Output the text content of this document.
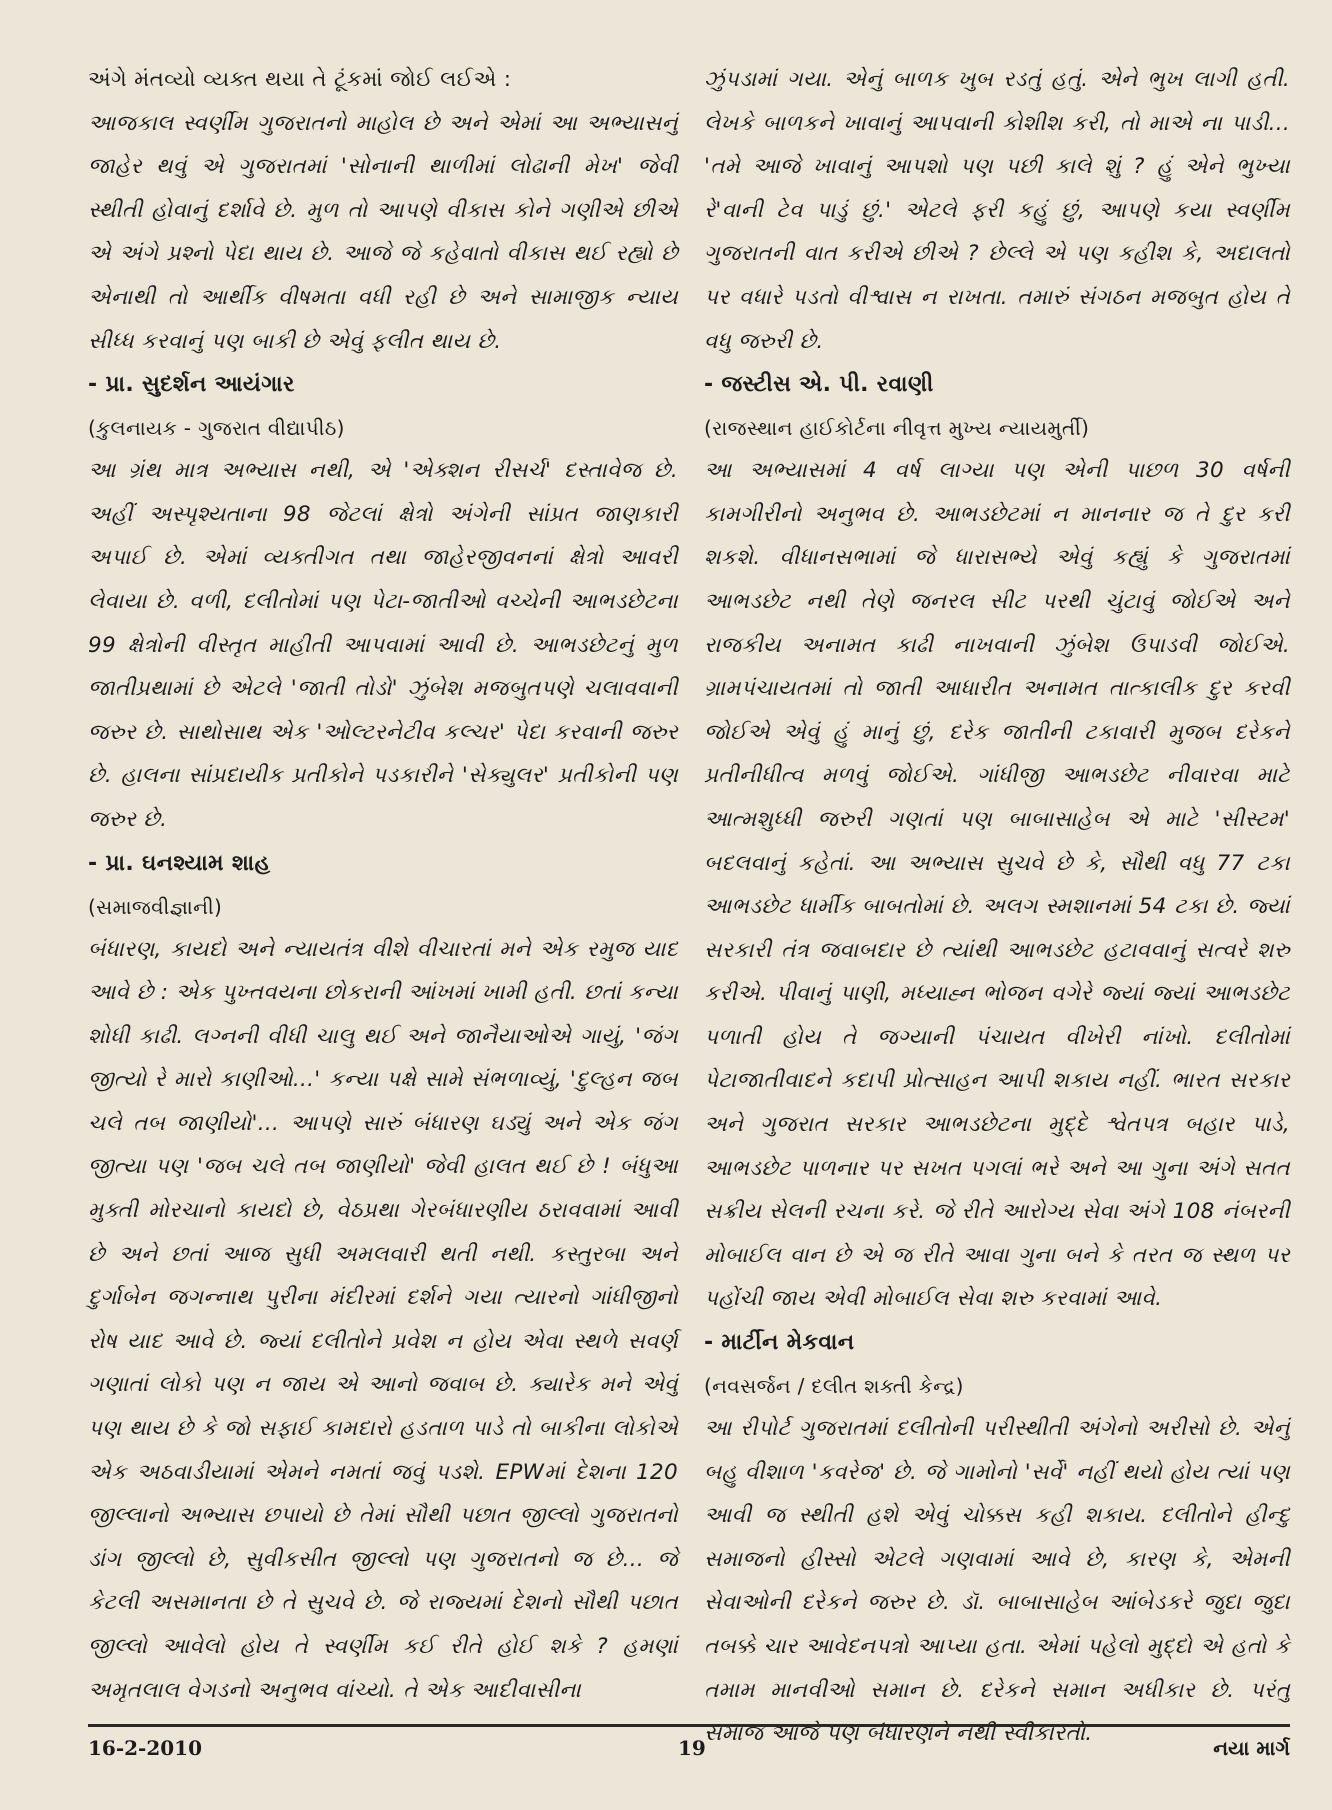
અંગે મંતવ્યો વ્યક્ત થયા તે ટૂંકમાં જોઈ લઈએ :

આજકાલ સ્વર્ણીમ ગુજરાતનો માહોલ છે અને એમાં આ અભ્યાસનું જાહેર થવું એ ગુજરાતમાં 'સોનાની થાળીમાં લોઢાની મેખ' જેવી સ્થીતી હોવાનું દર્શાવે છે. મુળ તો આપણે વીકાસ કોને ગણીએ છીએ એ અંગે પ્રશ્નો પેદા થાય છે. આજે જે કહેવાતો વીકાસ થઈ રહ્યો છે એનાથી તો આર્થીક વીષમતા વધી રહી છે અને સામાજીક ન્યાય સીધ્ધ કરવાનું પણ બાકી છે એવું ફલીત થાય છે.

- પ્રા. સુદર્શન આયંગાર

(કુલનાયક - ગુજરાત વીદ્યાપીઠ)

આ ગ્રંથ માત્ર અભ્યાસ નથી, એ 'એક્શન રીસર્ચ' દસ્તાવેજ છે. અહીં અસ્પૃશ્યતાના 98 જેટલાં ક્ષેત્રો અંગેની સાંપ્રત જાણકારી અપાઈ છે. એમાં વ્યક્તીગત તથા જાહેરજીવનનાં ક્ષેત્રો આવરી લેવાયા છે. વળી, દલીતોમાં પણ પેટા-જાતીઓ વચ્ચેની આભડછેટના 99 ક્ષેત્રોની વીસ્તૃત માહીતી આપવામાં આવી છે. આભડછેટનું મુળ જાતીપ્રથામાં છે એટલે 'જાતી તોડો' ઝુંબેશ મજબુતપણે ચલાવવાની જરુર છે. સાથોસાથ એક 'ઓલ્ટરનેટીવ કલ્ચર' પેદા કરવાની જરુર છે. હાલના સાંપ્રદાયીક પ્રતીકોને પડકારીને 'સેક્યુલર' પ્રતીકોની પણ જરુર છે.

- પ્રા. ઘનશ્યામ શાહ

(સમાજવીજ્ઞાની)

બંધારણ, કાયદો અને ન્યાયતંત્ર વીશે વીચારતાં મને એક રમુજ યાદ આવે છે : એક પુખ્તવયના છોકરાની આંખમાં ખામી હતી. છતાં કન્યા શોધી કાઢી. લગ્નની વીધી ચાલુ થઈ અને જાનૈયાઓએ ગાયું, 'જંગ જીત્યો રે મારો કાણીઓ...' કન્યા પક્ષે સામે સંભળાવ્યું, 'દુલ્હન જબ ચલે તબ જાણીયો'... આપણે સારું બંધારણ ઘડ્યું અને એક જંગ જીત્યા પણ 'જબ ચલે તબ જાણીયો' જેવી હાલત થઈ છે ! બંધુઆ મુક્તી મોરચાનો કાયદો છે, વેઠપ્રથા ગેરબંધારણીય ઠરાવવામાં આવી છે અને છતાં આજ સુધી અમલવારી થતી નથી. કસ્તુરબા અને દુર્ગાબેન જગન્નાથ પુરીના મંદીરમાં દર્શને ગયા ત્યારનો ગાંધીજીનો રોષ યાદ આવે છે. જ્યાં દલીતોને પ્રવેશ ન હોય એવા સ્થળે સવર્ણ ગણાતાં લોકો પણ ન જાય એ આનો જવાબ છે. ક્યારેક મને એવું પણ થાય છે કે જો સફાઈ કામદારો હડતાળ પાડે તો બાકીના લોકોએ એક અઠવાડીયામાં એમને નમતાં જવું પડશે. EPWમાં દેશના 120 જીલ્લાનો અભ્યાસ છપાયો છે તેમાં સૌથી પછાત જીલ્લો ગુજરાતનો ડાંગ જીલ્લો છે, સુવીકસીત જીલ્લો પણ ગુજરાતનો જ છે... જે કેટલી અસમાનતા છે તે સુચવે છે. જે રાજ્યમાં દેશનો સૌથી પછાત જીલ્લો આવેલો હોય તે સ્વર્ણીમ કઈ રીતે હોઈ શકે ? હમણાં અમૃતલાલ વેગડનો અનુભવ વાંચ્યો. તે એક આદીવાસીના

ઝુંપડામાં ગયા. એનું બાળક ખુબ રડતું હતું. એને ભુખ લાગી હતી. લેખકે બાળકને ખાવાનું આપવાની કોશીશ કરી, તો માએ ના પાડી... 'તમે આજે ખાવાનું આપશો પણ પછી કાલે શું ? હું એને ભુખ્યા રે'વાની ટેવ પાડું છું.' એટલે ફરી કહું છું, આપણે કયા સ્વર્ણીમ ગુજરાતની વાત કરીએ છીએ ? છેલ્લે એ પણ કહીશ કે, અદાલતો પર વધારે પડતો વીશ્વાસ ન રાખતા. તમારું સંગઠન મજબુત હોય તે વધુ જરુરી છે.

- જસ્ટીસ એ. પી. રવાણી

(રાજસ્થાન હાઈકોર્ટના નીવૃત્ત મુખ્ય ન્યાયમુર્તી)

આ અભ્યાસમાં 4 વર્ષ લાગ્યા પણ એની પાછળ 30 વર્ષની કામગીરીનો અનુભવ છે. આભડછેટમાં ન માનનાર જ તે દુર કરી શકશે. વીધાનસભામાં જે ધારાસભ્યે એવું કહ્યું કે ગુજરાતમાં આભડછેટ નથી તેણે જનરલ સીટ પરથી ચુંટાવું જોઈએ અને રાજકીય અનામત કાઢી નાખવાની ઝુંબેશ ઉપાડવી જોઈએ. ગ્રામપંચાયતમાં તો જાતી આધારીત અનામત તાત્કાલીક દુર કરવી જોઈએ એવું હું માનું છું, દરેક જાતીની ટકાવારી મુજબ દરેકને પ્રતીનીધીત્વ મળવું જોઈએ. ગાંધીજી આભડછેટ નીવારવા માટે આત્મશુધ્ધી જરુરી ગણતાં પણ બાબાસાહેબ એ માટે 'સીસ્ટમ' બદલવાનું કહેતાં. આ અભ્યાસ સુચવે છે કે, સૌથી વધુ 77 ટકા આભડછેટ ધાર્મીક બાબતોમાં છે. અલગ સ્મશાનમાં 54 ટકા છે. જ્યાં સરકારી તંત્ર જવાબદાર છે ત્યાંથી આભડછેટ હટાવવાનું સત્વરે શરુ કરીએ. પીવાનું પાણી, મધ્યાહ્ન ભોજન વગેરે જ્યાં જ્યાં આભડછેટ પળાતી હોય તે જગ્યાની પંચાયત વીખેરી નાંખો. દલીતોમાં પેટાજાતીવાદને કદાપી પ્રોત્સાહન આપી શકાય નહીં. ભારત સરકાર અને ગુજરાત સરકાર આભડછેટના મુદ્દે શ્વેતપત્ર બહાર પાડે, આભડછેટ પાળનાર પર સખત પગલાં ભરે અને આ ગુના અંગે સતત સક્રીય સેલની રચના કરે. જે રીતે આરોગ્ય સેવા અંગે 108 નંબરની મોબાઈલ વાન છે એ જ રીતે આવા ગુના બને કે તરત જ સ્થળ પર પહોંચી જાય એવી મોબાઈલ સેવા શરુ કરવામાં આવે.

- માર્ટીન મેકવાન

(નવસર્જન / દલીત શક્તી કેન્દ્ર)

આ રીપોર્ટ ગુજરાતમાં દલીતોની પરીસ્થીતી અંગેનો અરીસો છે. એનું બહુ વીશાળ 'કવરેજ' છે. જે ગામોનો 'સર્વે' નહીં થયો હોય ત્યાં પણ આવી જ સ્થીતી હશે એવું ચોક્કસ કહી શકાય. દલીતોને હીન્દુ સમાજનો હીસ્સો એટલે ગણવામાં આવે છે, કારણ કે, એમની સેવાઓની દરેકને જરુર છે. ડૉ. બાબાસાહેબ આંબેડકરે જુદા જુદા તબક્કે ચાર આવેદનપત્રો આપ્યા હતા. એમાં પહેલો મુદ્દો એ હતો કે તમામ માનવીઓ સમાન છે. દરેકને સમાન અધીકાર છે. પરંતુ સમાજ આજે પણ બંધારણને નથી સ્વીકારતો.

16-2-2010	19	નયા માર્ગ
